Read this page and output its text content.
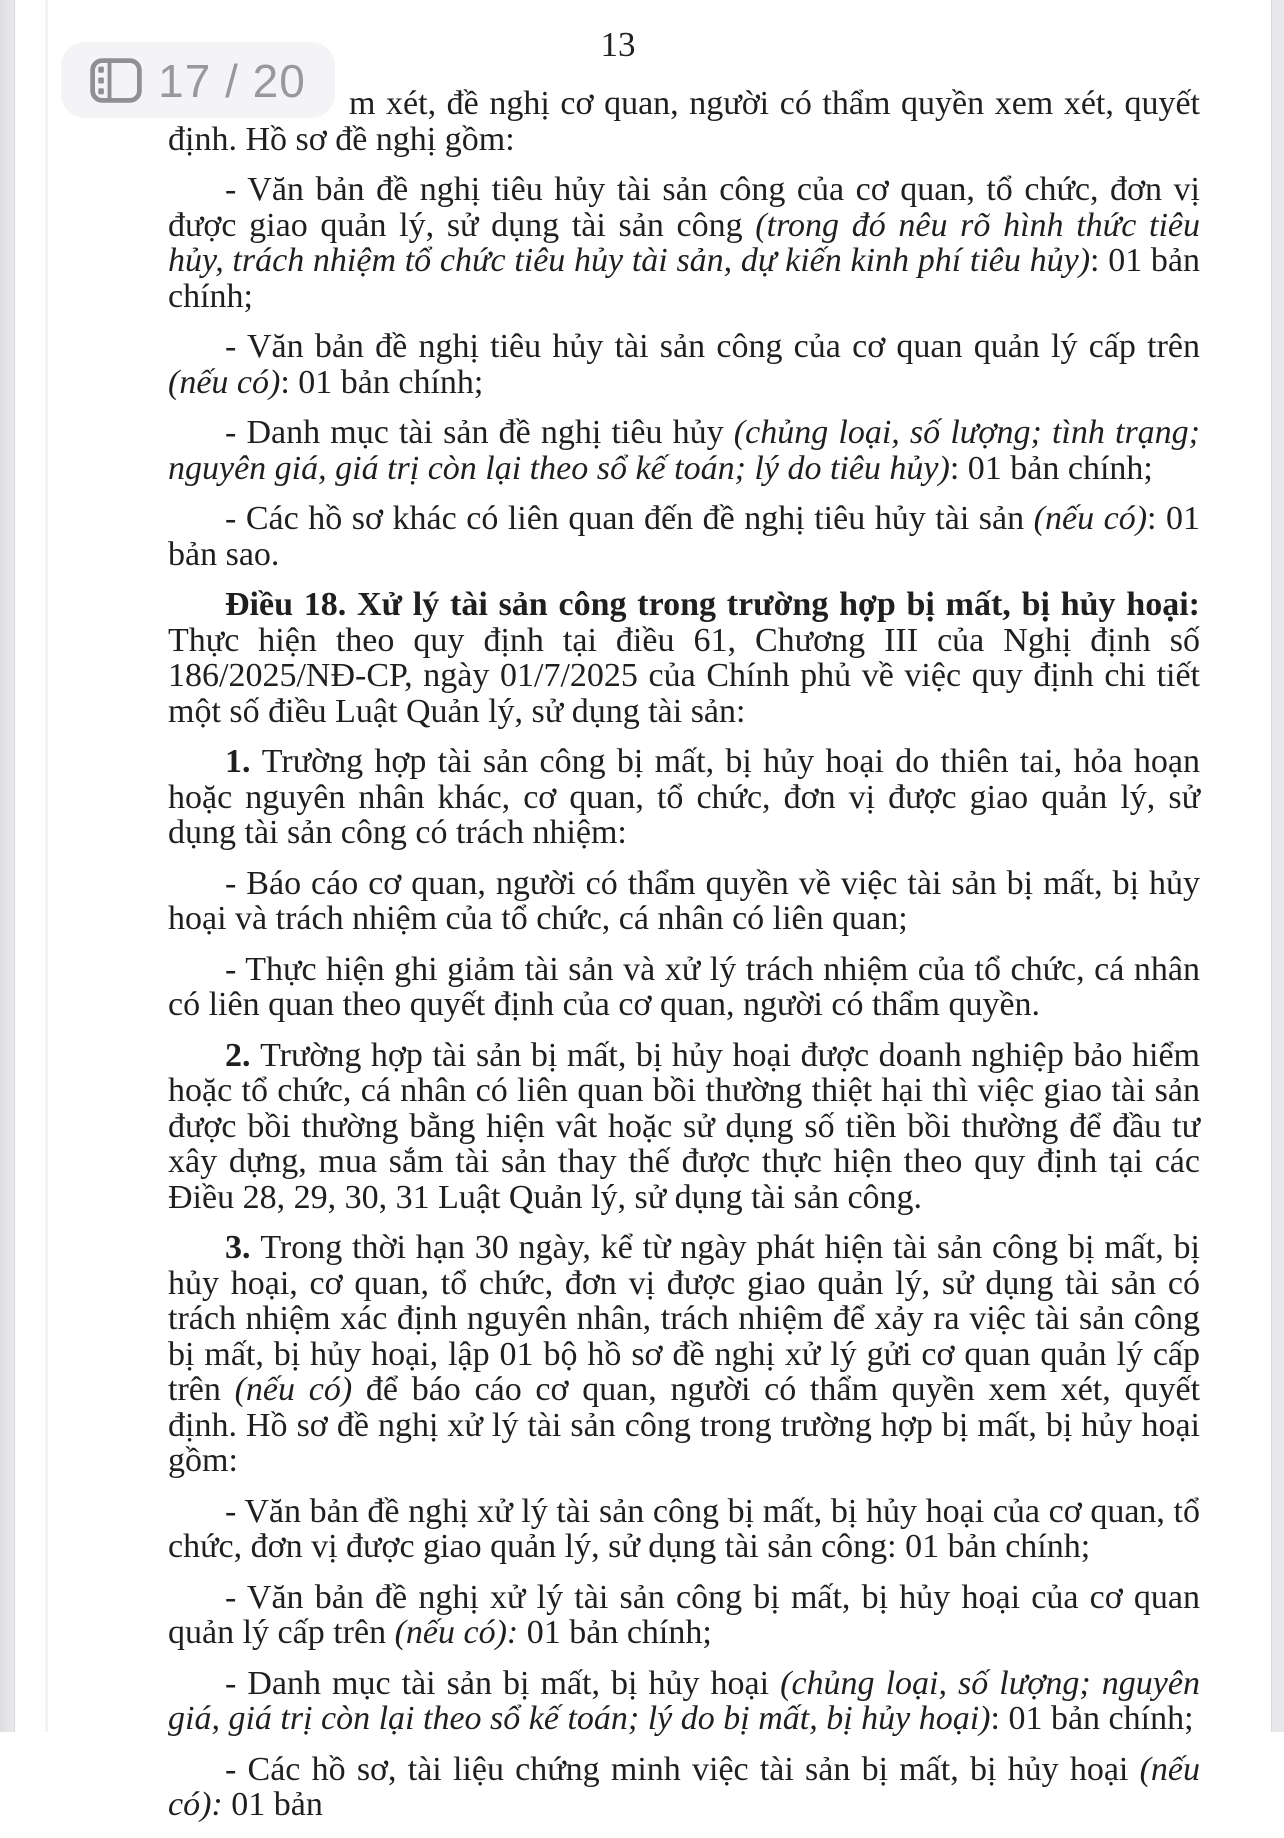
13

m xét, đề nghị cơ quan, người có thẩm quyền xem xét, quyết định. Hồ sơ đề nghị gồm:

- Văn bản đề nghị tiêu hủy tài sản công của cơ quan, tổ chức, đơn vị được giao quản lý, sử dụng tài sản công (trong đó nêu rõ hình thức tiêu hủy, trách nhiệm tổ chức tiêu hủy tài sản, dự kiến kinh phí tiêu hủy): 01 bản chính;

- Văn bản đề nghị tiêu hủy tài sản công của cơ quan quản lý cấp trên (nếu có): 01 bản chính;

- Danh mục tài sản đề nghị tiêu hủy (chủng loại, số lượng; tình trạng; nguyên giá, giá trị còn lại theo sổ kế toán; lý do tiêu hủy): 01 bản chính;

- Các hồ sơ khác có liên quan đến đề nghị tiêu hủy tài sản (nếu có): 01 bản sao.

Điều 18. Xử lý tài sản công trong trường hợp bị mất, bị hủy hoại: Thực hiện theo quy định tại điều 61, Chương III của Nghị định số 186/2025/NĐ-CP, ngày 01/7/2025 của Chính phủ về việc quy định chi tiết một số điều Luật Quản lý, sử dụng tài sản:

1. Trường hợp tài sản công bị mất, bị hủy hoại do thiên tai, hỏa hoạn hoặc nguyên nhân khác, cơ quan, tổ chức, đơn vị được giao quản lý, sử dụng tài sản công có trách nhiệm:

- Báo cáo cơ quan, người có thẩm quyền về việc tài sản bị mất, bị hủy hoại và trách nhiệm của tổ chức, cá nhân có liên quan;

- Thực hiện ghi giảm tài sản và xử lý trách nhiệm của tổ chức, cá nhân có liên quan theo quyết định của cơ quan, người có thẩm quyền.

2. Trường hợp tài sản bị mất, bị hủy hoại được doanh nghiệp bảo hiểm hoặc tổ chức, cá nhân có liên quan bồi thường thiệt hại thì việc giao tài sản được bồi thường bằng hiện vât hoặc sử dụng số tiền bồi thường để đầu tư xây dựng, mua sắm tài sản thay thế được thực hiện theo quy định tại các Điều 28, 29, 30, 31 Luật Quản lý, sử dụng tài sản công.

3. Trong thời hạn 30 ngày, kể từ ngày phát hiện tài sản công bị mất, bị hủy hoại, cơ quan, tổ chức, đơn vị được giao quản lý, sử dụng tài sản có trách nhiệm xác định nguyên nhân, trách nhiệm để xảy ra việc tài sản công bị mất, bị hủy hoại, lập 01 bộ hồ sơ đề nghị xử lý gửi cơ quan quản lý cấp trên (nếu có) để báo cáo cơ quan, người có thẩm quyền xem xét, quyết định. Hồ sơ đề nghị xử lý tài sản công trong trường hợp bị mất, bị hủy hoại gồm:

- Văn bản đề nghị xử lý tài sản công bị mất, bị hủy hoại của cơ quan, tổ chức, đơn vị được giao quản lý, sử dụng tài sản công: 01 bản chính;

- Văn bản đề nghị xử lý tài sản công bị mất, bị hủy hoại của cơ quan quản lý cấp trên (nếu có): 01 bản chính;

- Danh mục tài sản bị mất, bị hủy hoại (chủng loại, số lượng; nguyên giá, giá trị còn lại theo sổ kế toán; lý do bị mất, bị hủy hoại): 01 bản chính;

- Các hồ sơ, tài liệu chứng minh việc tài sản bị mất, bị hủy hoại (nếu có): 01 bản

17 / 20
